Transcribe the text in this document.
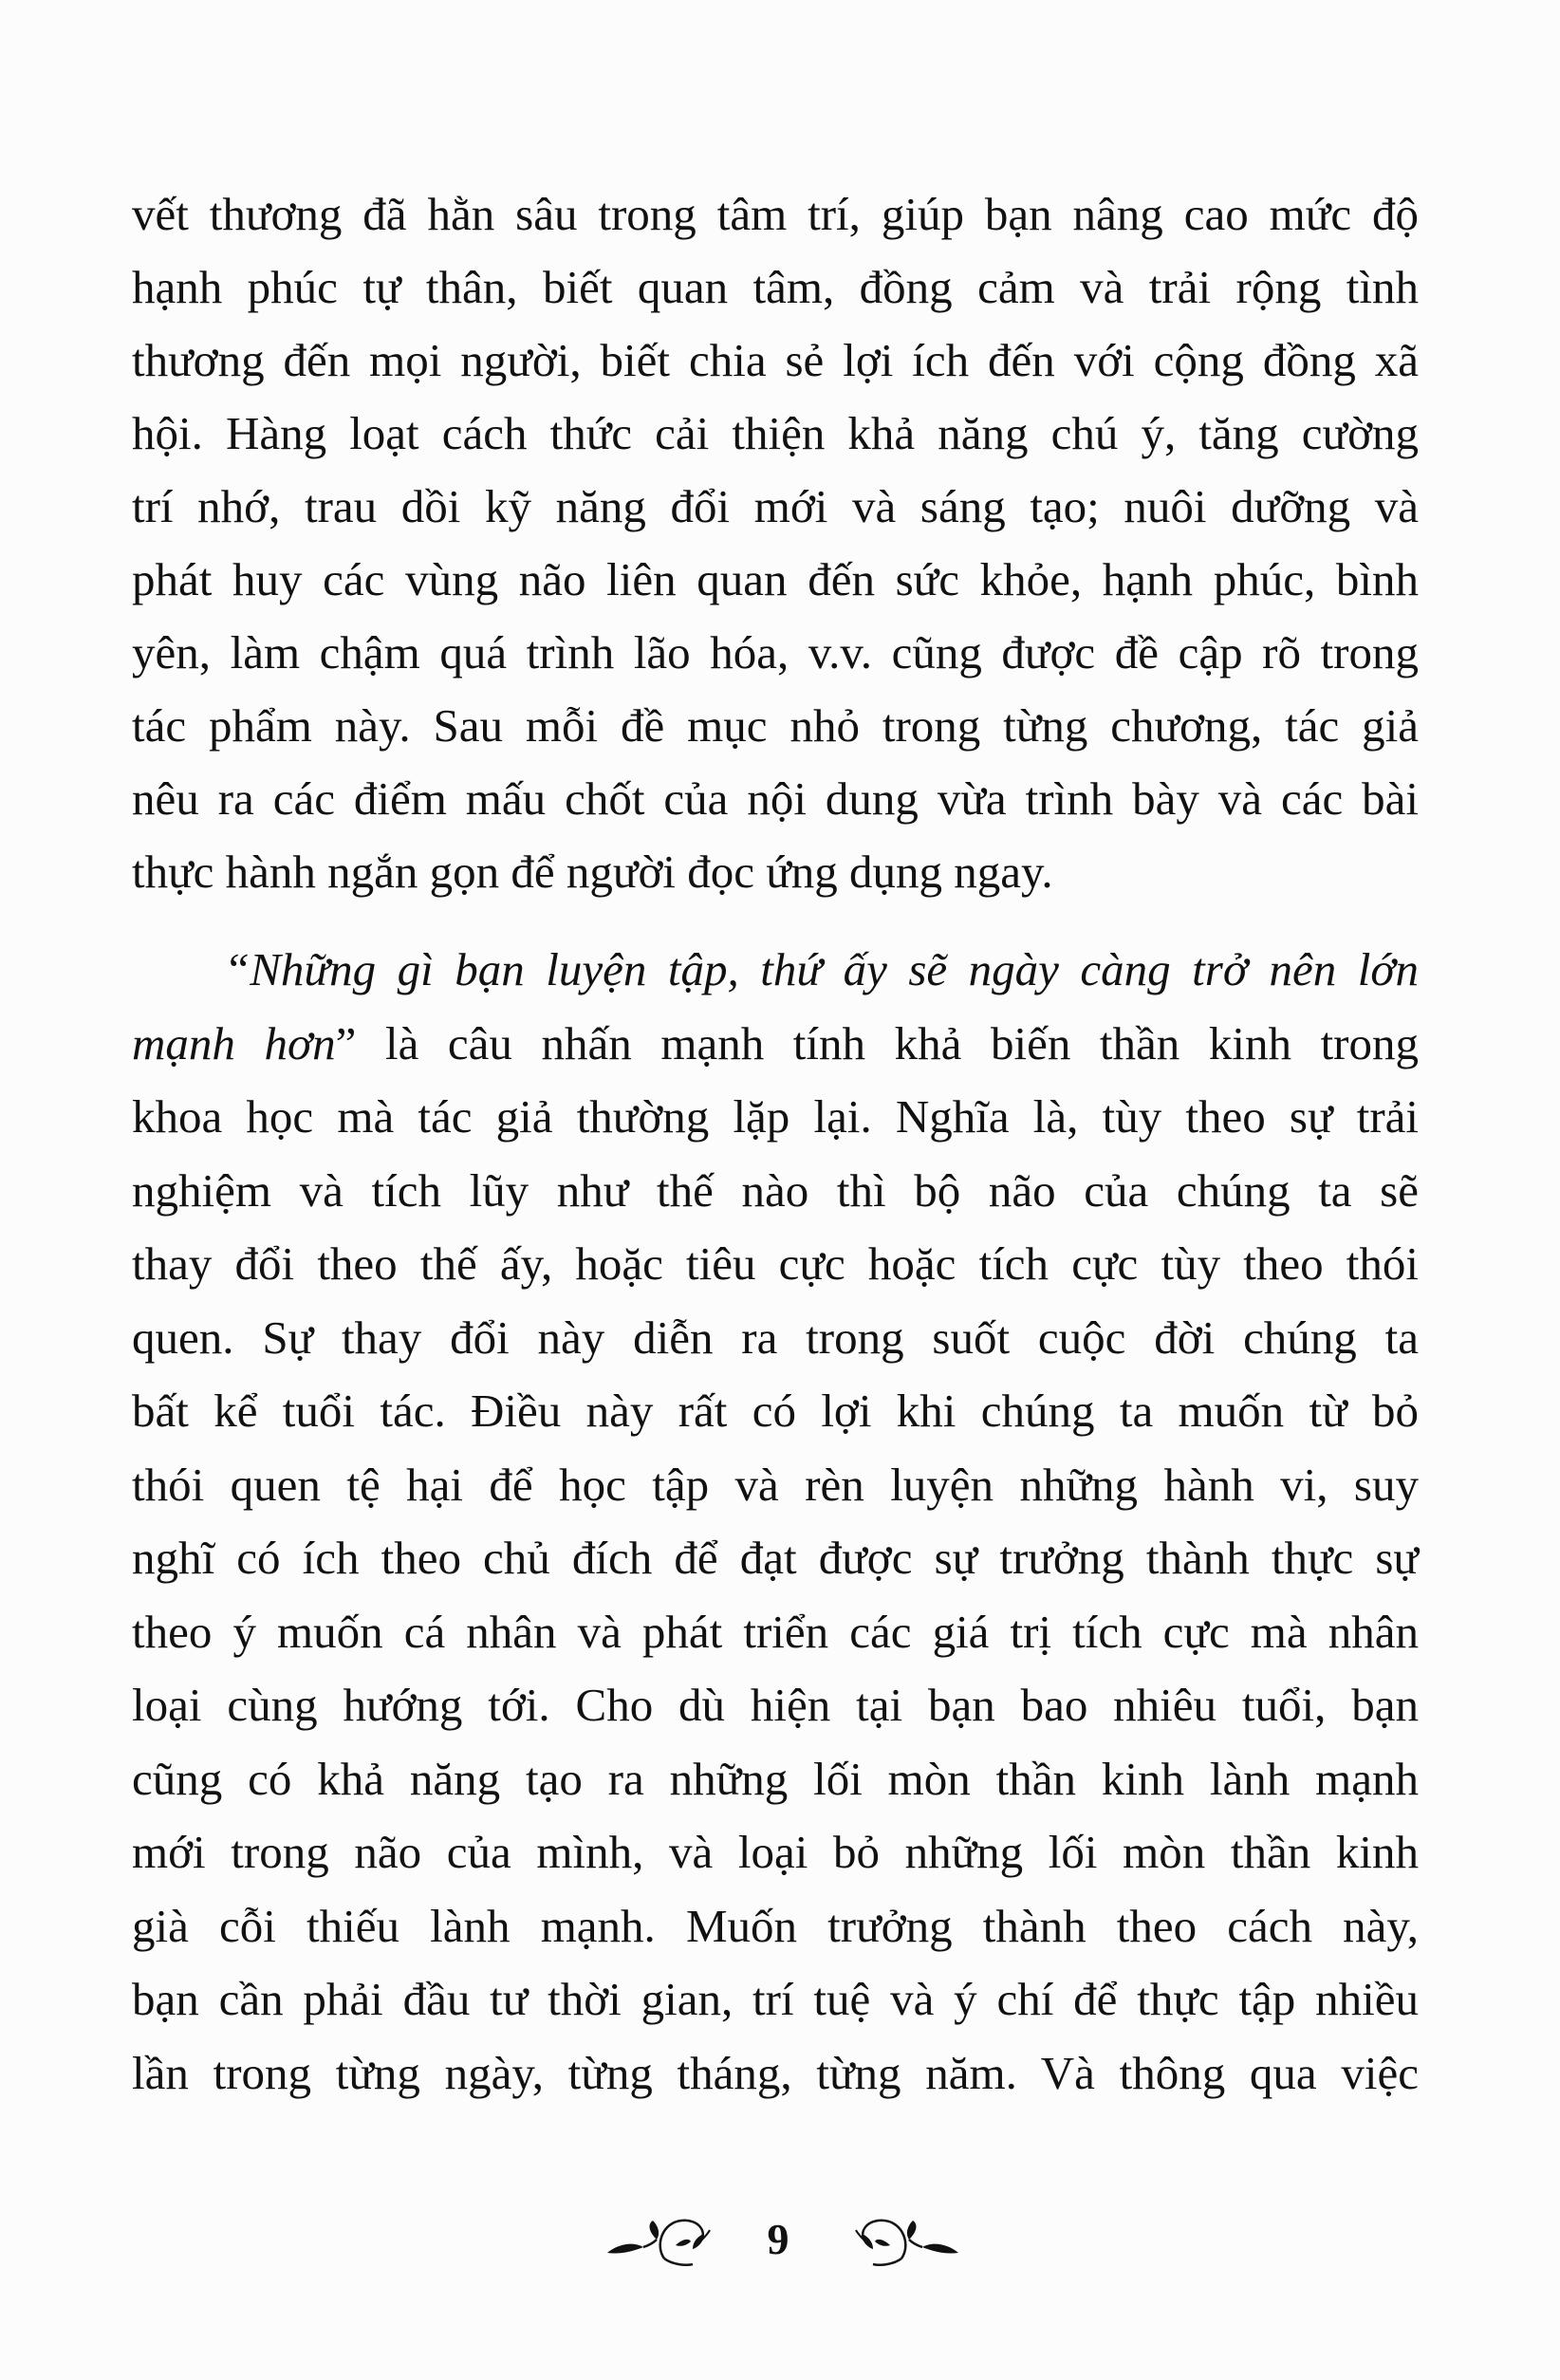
vết thương đã hằn sâu trong tâm trí, giúp bạn nâng cao mức độ
hạnh phúc tự thân, biết quan tâm, đồng cảm và trải rộng tình
thương đến mọi người, biết chia sẻ lợi ích đến với cộng đồng xã
hội. Hàng loạt cách thức cải thiện khả năng chú ý, tăng cường
trí nhớ, trau dồi kỹ năng đổi mới và sáng tạo; nuôi dưỡng và
phát huy các vùng não liên quan đến sức khỏe, hạnh phúc, bình
yên, làm chậm quá trình lão hóa, v.v. cũng được đề cập rõ trong
tác phẩm này. Sau mỗi đề mục nhỏ trong từng chương, tác giả
nêu ra các điểm mấu chốt của nội dung vừa trình bày và các bài
thực hành ngắn gọn để người đọc ứng dụng ngay.
“Những gì bạn luyện tập, thứ ấy sẽ ngày càng trở nên lớn
mạnh hơn” là câu nhấn mạnh tính khả biến thần kinh trong
khoa học mà tác giả thường lặp lại. Nghĩa là, tùy theo sự trải
nghiệm và tích lũy như thế nào thì bộ não của chúng ta sẽ
thay đổi theo thế ấy, hoặc tiêu cực hoặc tích cực tùy theo thói
quen. Sự thay đổi này diễn ra trong suốt cuộc đời chúng ta
bất kể tuổi tác. Điều này rất có lợi khi chúng ta muốn từ bỏ
thói quen tệ hại để học tập và rèn luyện những hành vi, suy
nghĩ có ích theo chủ đích để đạt được sự trưởng thành thực sự
theo ý muốn cá nhân và phát triển các giá trị tích cực mà nhân
loại cùng hướng tới. Cho dù hiện tại bạn bao nhiêu tuổi, bạn
cũng có khả năng tạo ra những lối mòn thần kinh lành mạnh
mới trong não của mình, và loại bỏ những lối mòn thần kinh
già cỗi thiếu lành mạnh. Muốn trưởng thành theo cách này,
bạn cần phải đầu tư thời gian, trí tuệ và ý chí để thực tập nhiều
lần trong từng ngày, từng tháng, từng năm. Và thông qua việc
9
